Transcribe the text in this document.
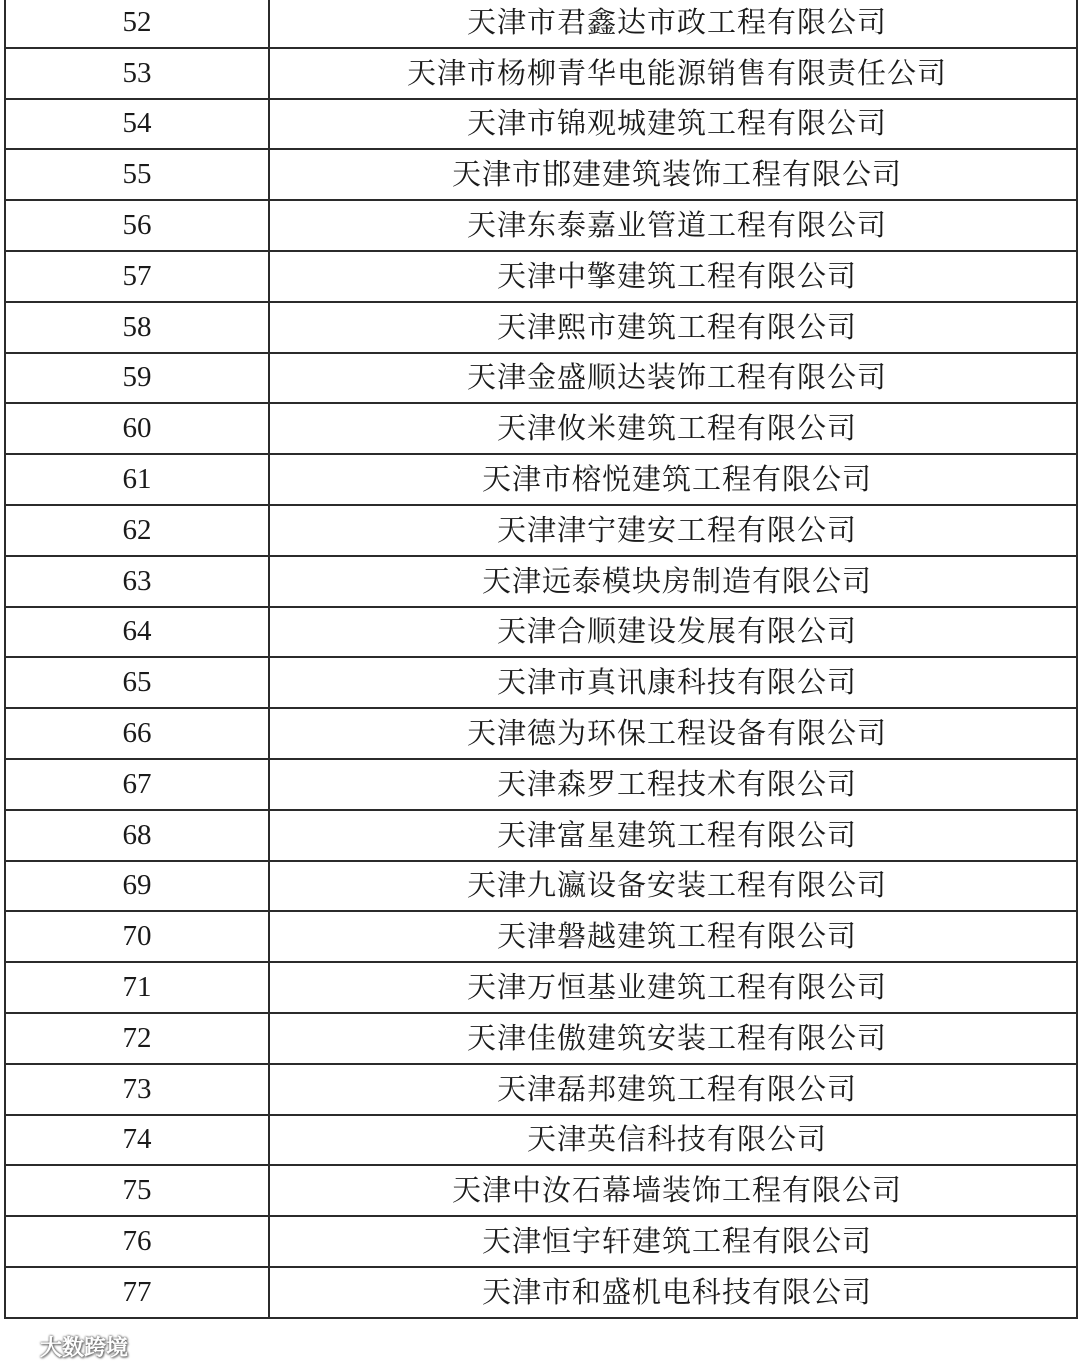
52	天津市君鑫达市政工程有限公司
53	天津市杨柳青华电能源销售有限责任公司
54	天津市锦观城建筑工程有限公司
55	天津市邯建建筑装饰工程有限公司
56	天津东泰嘉业管道工程有限公司
57	天津中擎建筑工程有限公司
58	天津熙市建筑工程有限公司
59	天津金盛顺达装饰工程有限公司
60	天津攸米建筑工程有限公司
61	天津市榕悦建筑工程有限公司
62	天津津宁建安工程有限公司
63	天津远泰模块房制造有限公司
64	天津合顺建设发展有限公司
65	天津市真讯康科技有限公司
66	天津德为环保工程设备有限公司
67	天津森罗工程技术有限公司
68	天津富星建筑工程有限公司
69	天津九瀛设备安装工程有限公司
70	天津磐越建筑工程有限公司
71	天津万恒基业建筑工程有限公司
72	天津佳傲建筑安装工程有限公司
73	天津磊邦建筑工程有限公司
74	天津英信科技有限公司
75	天津中汝石幕墙装饰工程有限公司
76	天津恒宇轩建筑工程有限公司
77	天津市和盛机电科技有限公司
大数跨境
